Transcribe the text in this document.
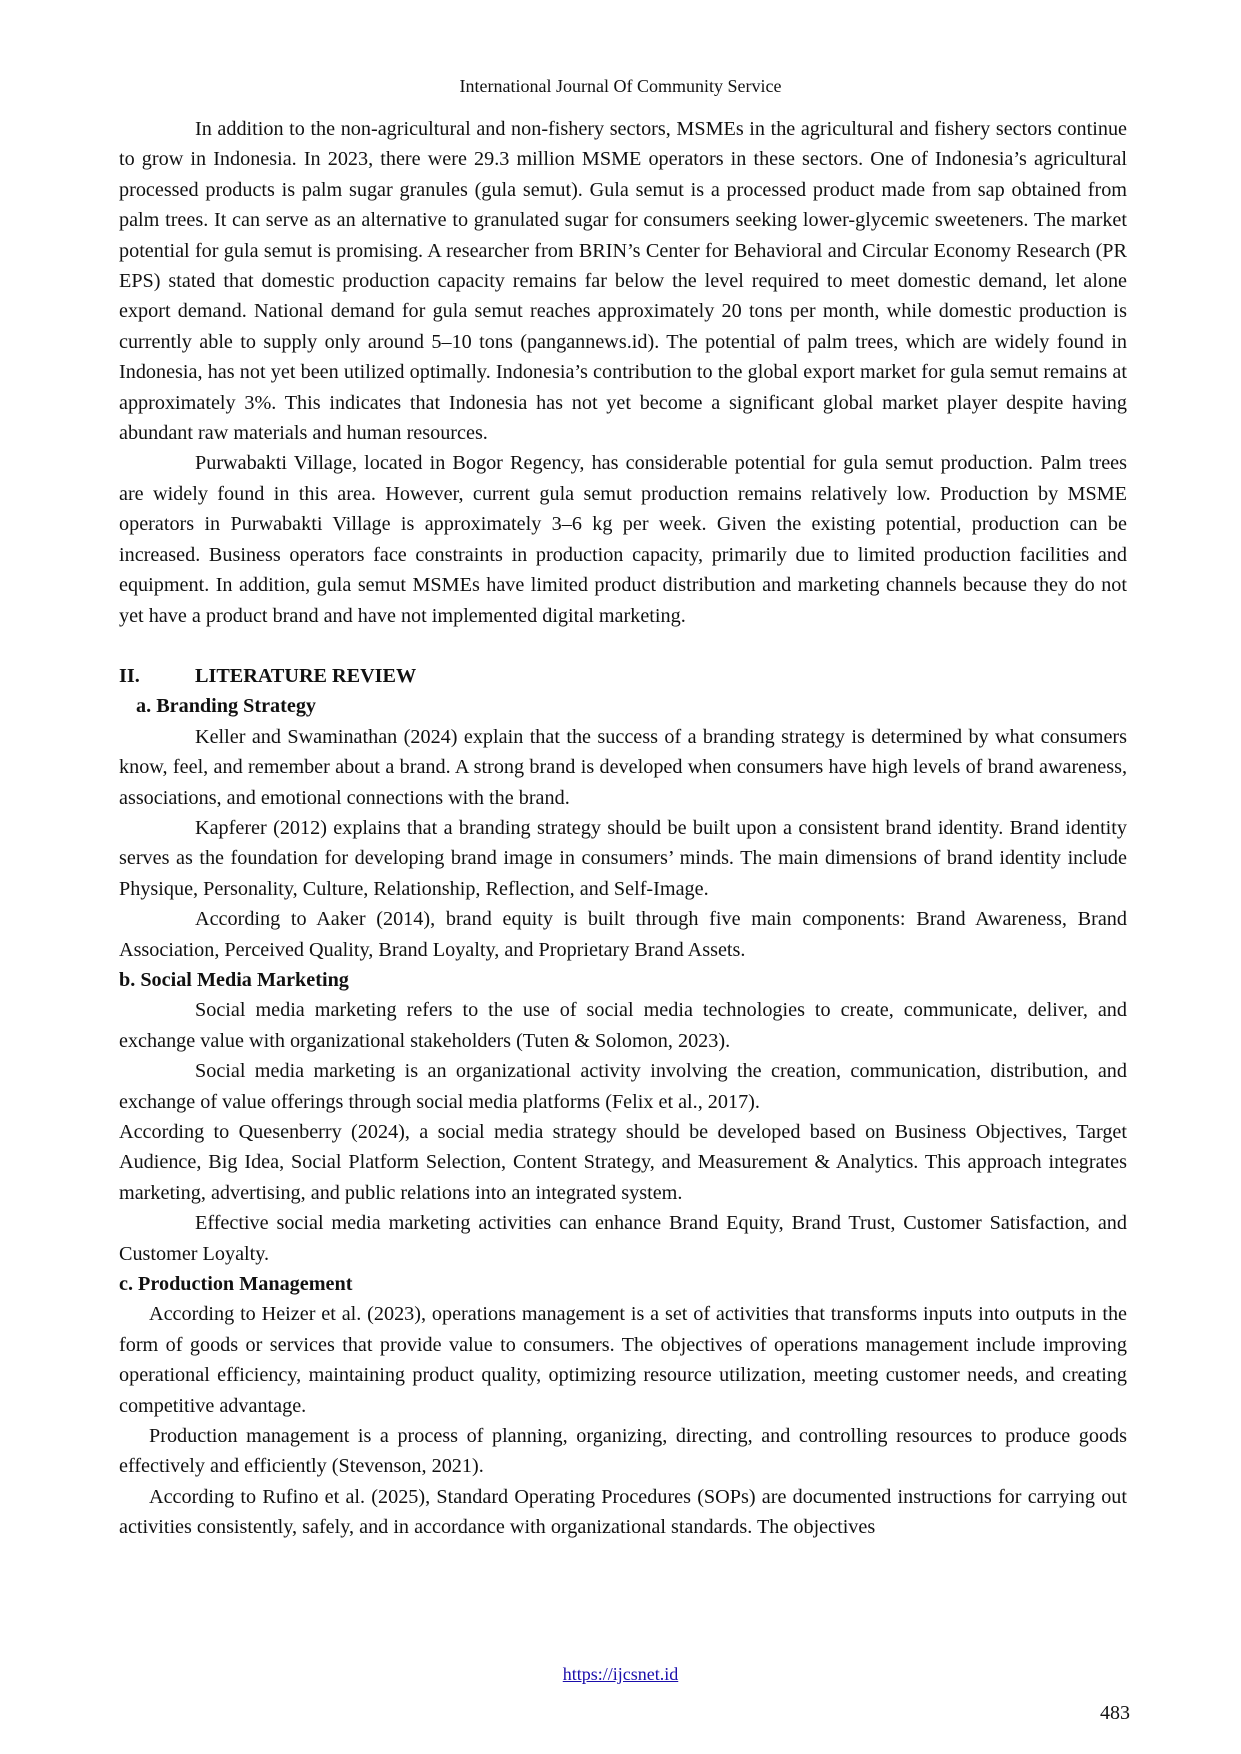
International Journal Of Community Service

In addition to the non-agricultural and non-fishery sectors, MSMEs in the agricultural and fishery sectors continue to grow in Indonesia. In 2023, there were 29.3 million MSME operators in these sectors. One of Indonesia’s agricultural processed products is palm sugar granules (gula semut). Gula semut is a processed product made from sap obtained from palm trees. It can serve as an alternative to granulated sugar for consumers seeking lower-glycemic sweeteners. The market potential for gula semut is promising. A researcher from BRIN’s Center for Behavioral and Circular Economy Research (PR EPS) stated that domestic production capacity remains far below the level required to meet domestic demand, let alone export demand. National demand for gula semut reaches approximately 20 tons per month, while domestic production is currently able to supply only around 5–10 tons (pangannews.id). The potential of palm trees, which are widely found in Indonesia, has not yet been utilized optimally. Indonesia’s contribution to the global export market for gula semut remains at approximately 3%. This indicates that Indonesia has not yet become a significant global market player despite having abundant raw materials and human resources.

Purwabakti Village, located in Bogor Regency, has considerable potential for gula semut production. Palm trees are widely found in this area. However, current gula semut production remains relatively low. Production by MSME operators in Purwabakti Village is approximately 3–6 kg per week. Given the existing potential, production can be increased. Business operators face constraints in production capacity, primarily due to limited production facilities and equipment. In addition, gula semut MSMEs have limited product distribution and marketing channels because they do not yet have a product brand and have not implemented digital marketing.

II.	LITERATURE REVIEW

a. Branding Strategy

Keller and Swaminathan (2024) explain that the success of a branding strategy is determined by what consumers know, feel, and remember about a brand. A strong brand is developed when consumers have high levels of brand awareness, associations, and emotional connections with the brand.

Kapferer (2012) explains that a branding strategy should be built upon a consistent brand identity. Brand identity serves as the foundation for developing brand image in consumers’ minds. The main dimensions of brand identity include Physique, Personality, Culture, Relationship, Reflection, and Self-Image.

According to Aaker (2014), brand equity is built through five main components: Brand Awareness, Brand Association, Perceived Quality, Brand Loyalty, and Proprietary Brand Assets.

b. Social Media Marketing

Social media marketing refers to the use of social media technologies to create, communicate, deliver, and exchange value with organizational stakeholders (Tuten & Solomon, 2023).

Social media marketing is an organizational activity involving the creation, communication, distribution, and exchange of value offerings through social media platforms (Felix et al., 2017).

According to Quesenberry (2024), a social media strategy should be developed based on Business Objectives, Target Audience, Big Idea, Social Platform Selection, Content Strategy, and Measurement & Analytics. This approach integrates marketing, advertising, and public relations into an integrated system.

Effective social media marketing activities can enhance Brand Equity, Brand Trust, Customer Satisfaction, and Customer Loyalty.

c. Production Management

According to Heizer et al. (2023), operations management is a set of activities that transforms inputs into outputs in the form of goods or services that provide value to consumers. The objectives of operations management include improving operational efficiency, maintaining product quality, optimizing resource utilization, meeting customer needs, and creating competitive advantage.

Production management is a process of planning, organizing, directing, and controlling resources to produce goods effectively and efficiently (Stevenson, 2021).

According to Rufino et al. (2025), Standard Operating Procedures (SOPs) are documented instructions for carrying out activities consistently, safely, and in accordance with organizational standards. The objectives

https://ijcsnet.id
483
